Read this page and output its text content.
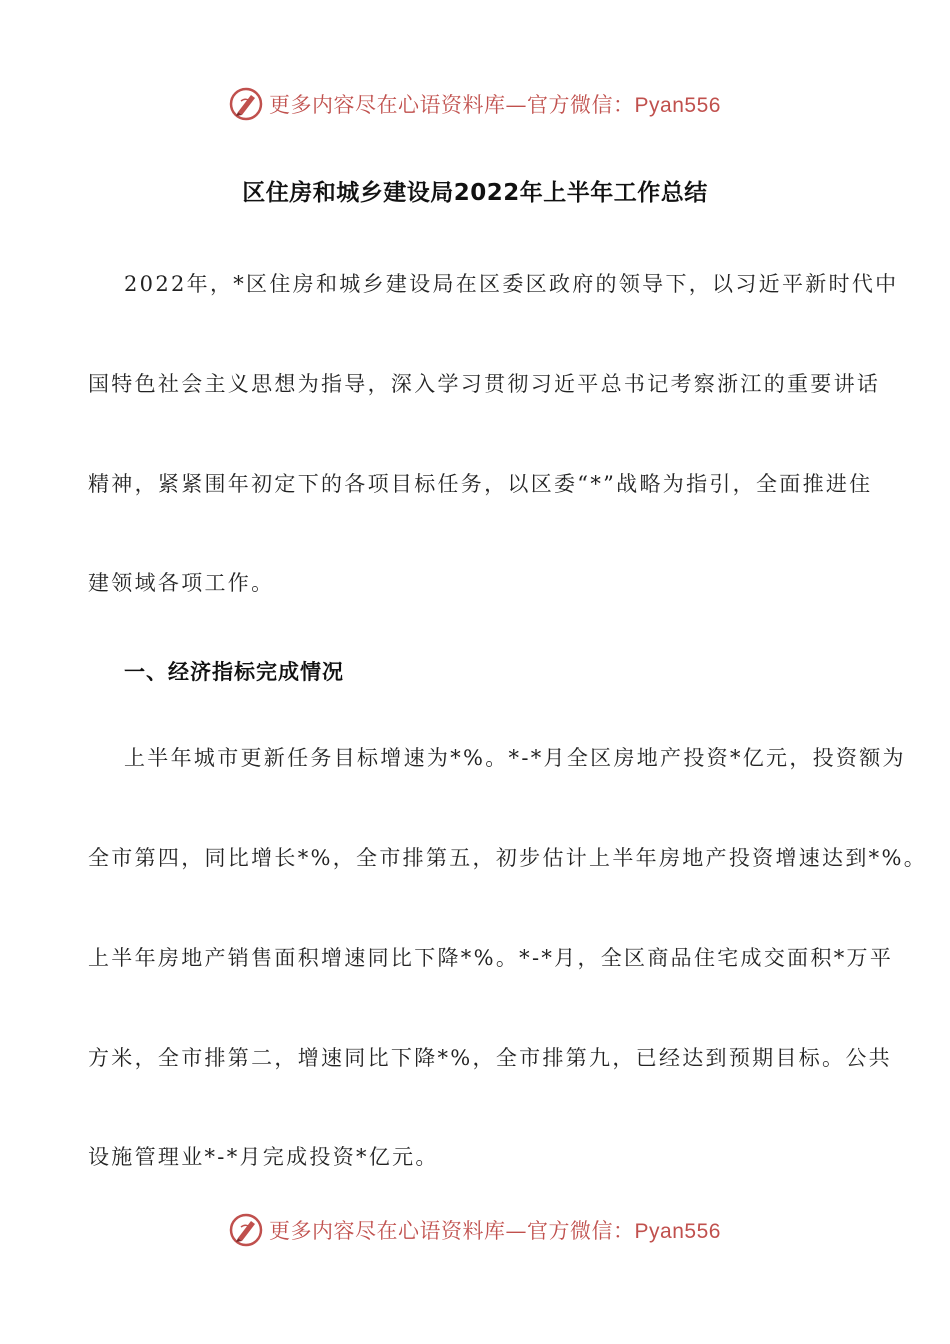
更多内容尽在心语资料库—官方微信：Pyan556
区住房和城乡建设局2022年上半年工作总结
2022年，*区住房和城乡建设局在区委区政府的领导下，以习近平新时代中
国特色社会主义思想为指导，深入学习贯彻习近平总书记考察浙江的重要讲话
精神，紧紧围年初定下的各项目标任务，以区委“*”战略为指引，全面推进住
建领域各项工作。
一、经济指标完成情况
上半年城市更新任务目标增速为*%。*-*月全区房地产投资*亿元，投资额为
全市第四，同比增长*%，全市排第五，初步估计上半年房地产投资增速达到*%。
上半年房地产销售面积增速同比下降*%。*-*月，全区商品住宅成交面积*万平
方米，全市排第二，增速同比下降*%，全市排第九，已经达到预期目标。公共
设施管理业*-*月完成投资*亿元。
更多内容尽在心语资料库—官方微信：Pyan556
